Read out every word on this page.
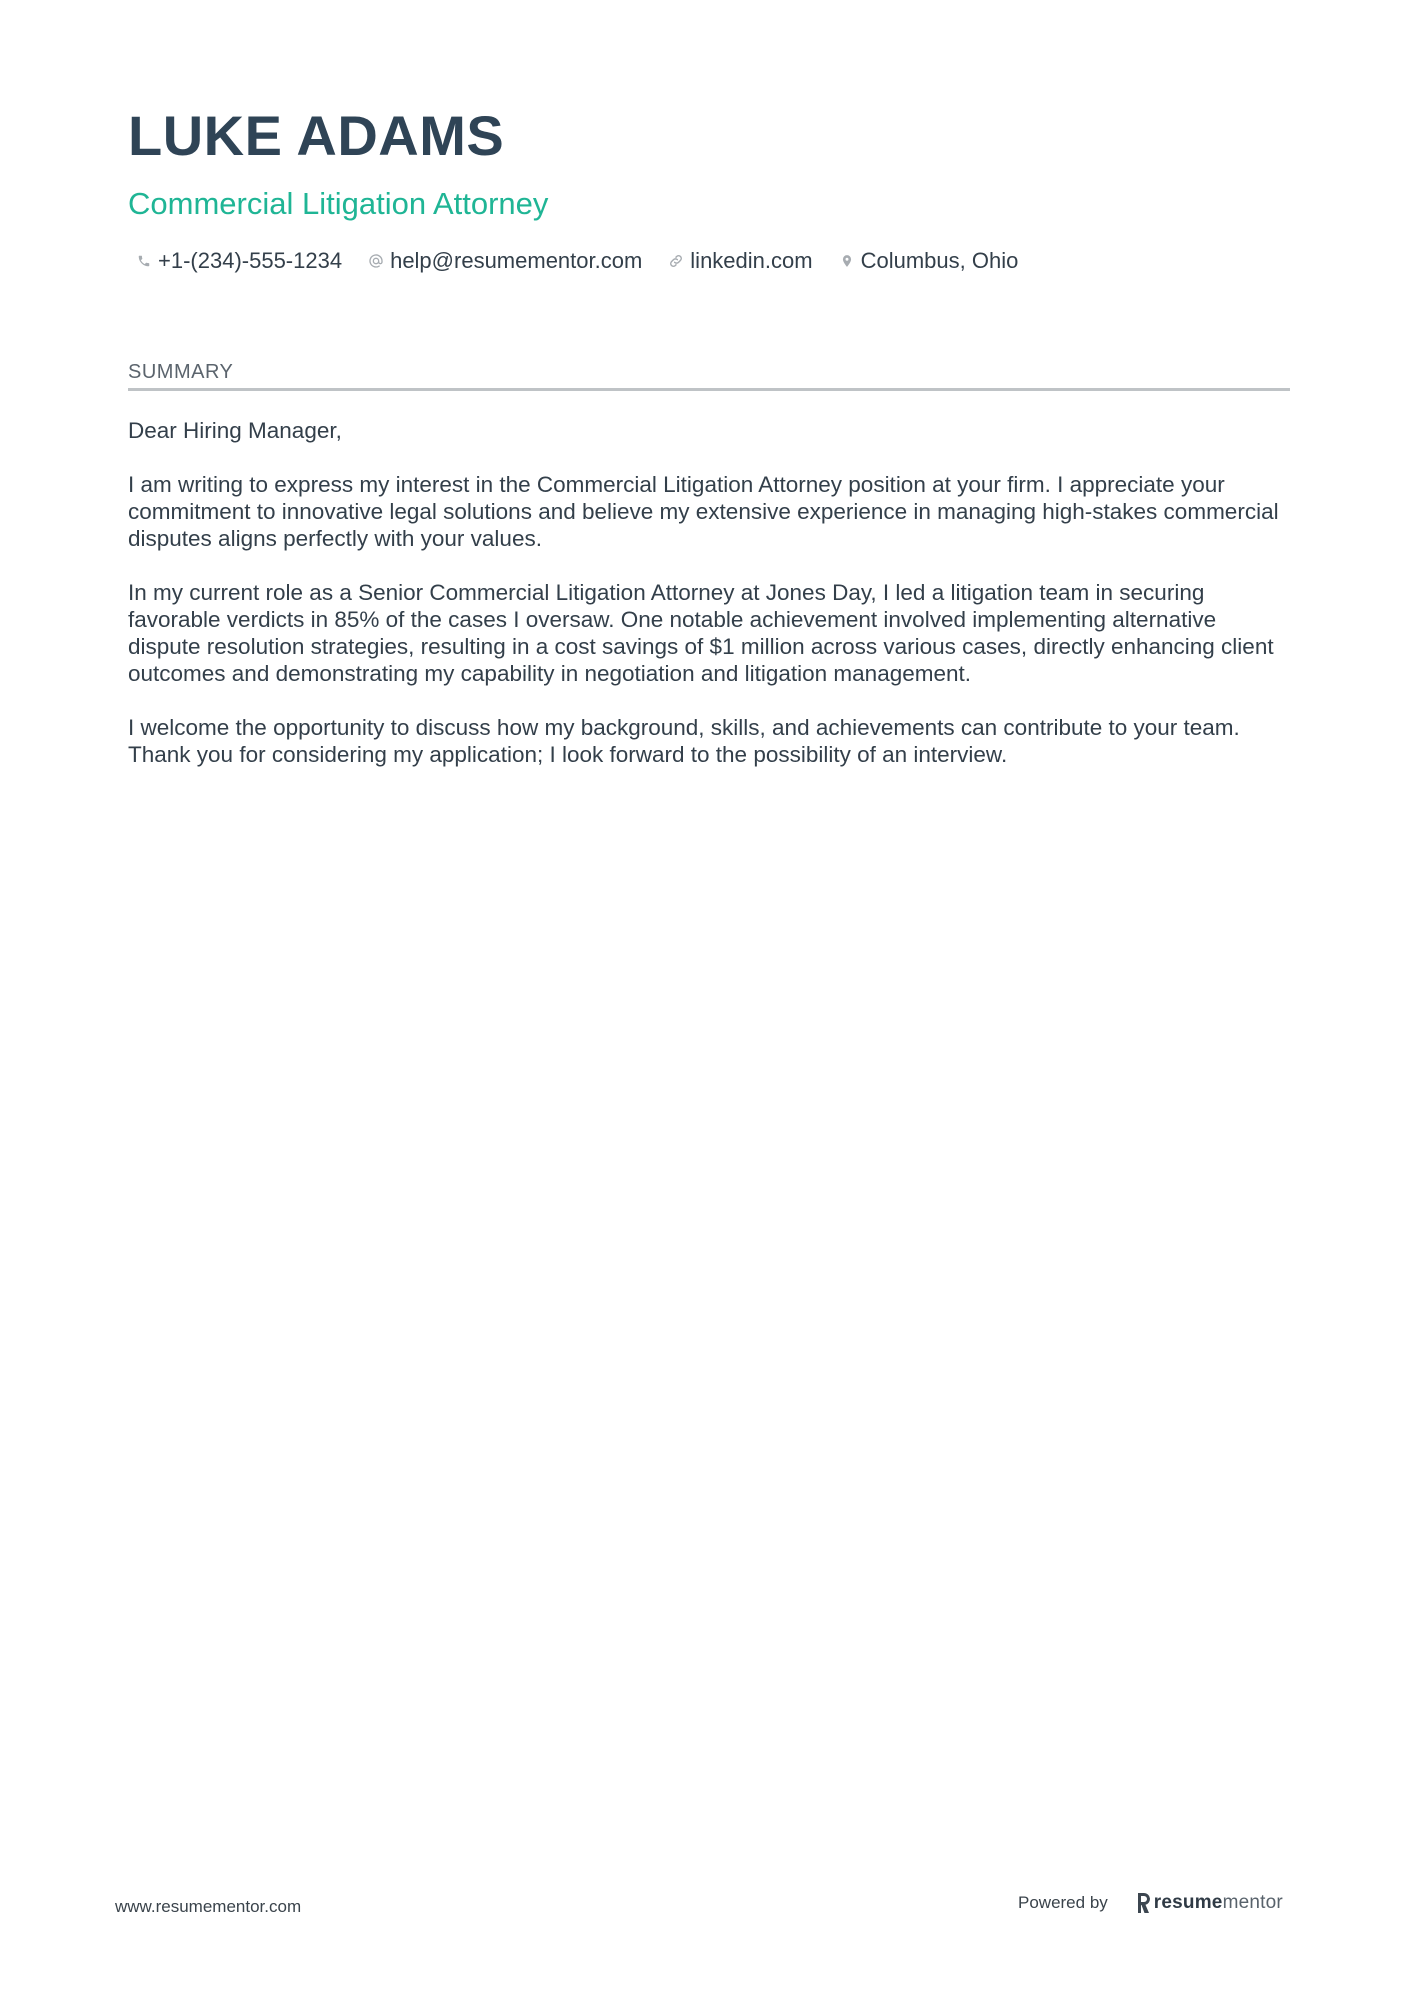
LUKE ADAMS
Commercial Litigation Attorney
+1-(234)-555-1234 help@resumementor.com linkedin.com Columbus, Ohio
SUMMARY

Dear Hiring Manager,

I am writing to express my interest in the Commercial Litigation Attorney position at your firm. I appreciate your commitment to innovative legal solutions and believe my extensive experience in managing high-stakes commercial disputes aligns perfectly with your values.

In my current role as a Senior Commercial Litigation Attorney at Jones Day, I led a litigation team in securing favorable verdicts in 85% of the cases I oversaw. One notable achievement involved implementing alternative dispute resolution strategies, resulting in a cost savings of $1 million across various cases, directly enhancing client outcomes and demonstrating my capability in negotiation and litigation management.

I welcome the opportunity to discuss how my background, skills, and achievements can contribute to your team. Thank you for considering my application; I look forward to the possibility of an interview.

www.resumementor.com	Powered by resume mentor
